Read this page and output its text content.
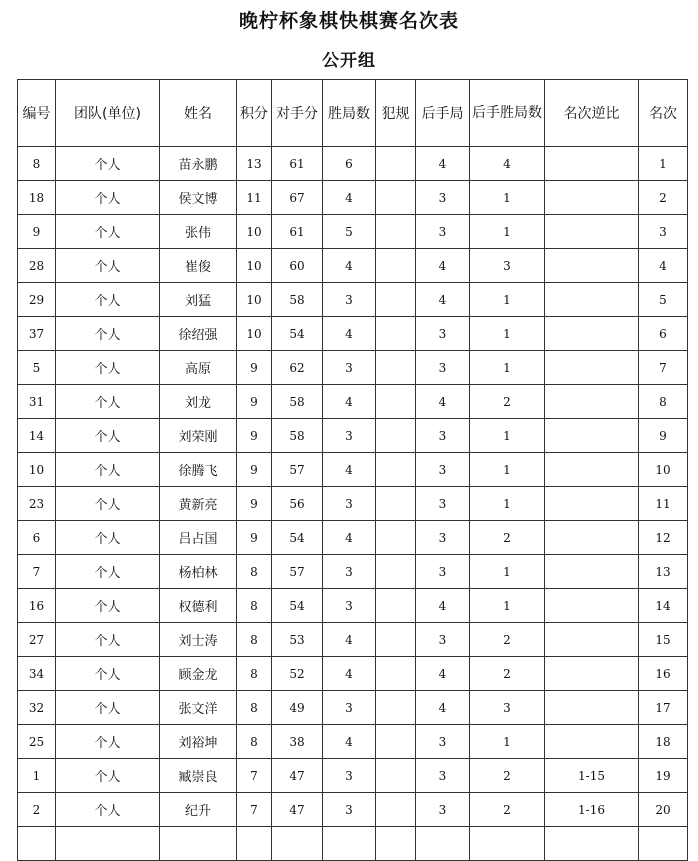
晚柠杯象棋快棋赛名次表
公开组
编号	团队(单位)	姓名	积分	对手分	胜局数	犯规	后手局	后手胜局数	名次逆比	名次
8	个人	苗永鹏	13	61	6		4	4		1
18	个人	侯文博	11	67	4		3	1		2
9	个人	张伟	10	61	5		3	1		3
28	个人	崔俊	10	60	4		4	3		4
29	个人	刘猛	10	58	3		4	1		5
37	个人	徐绍强	10	54	4		3	1		6
5	个人	高原	9	62	3		3	1		7
31	个人	刘龙	9	58	4		4	2		8
14	个人	刘荣刚	9	58	3		3	1		9
10	个人	徐腾飞	9	57	4		3	1		10
23	个人	黄新亮	9	56	3		3	1		11
6	个人	吕占国	9	54	4		3	2		12
7	个人	杨柏林	8	57	3		3	1		13
16	个人	权德利	8	54	3		4	1		14
27	个人	刘士涛	8	53	4		3	2		15
34	个人	顾金龙	8	52	4		4	2		16
32	个人	张文洋	8	49	3		4	3		17
25	个人	刘裕坤	8	38	4		3	1		18
1	个人	臧崇良	7	47	3		3	2	1-15	19
2	个人	纪升	7	47	3		3	2	1-16	20
